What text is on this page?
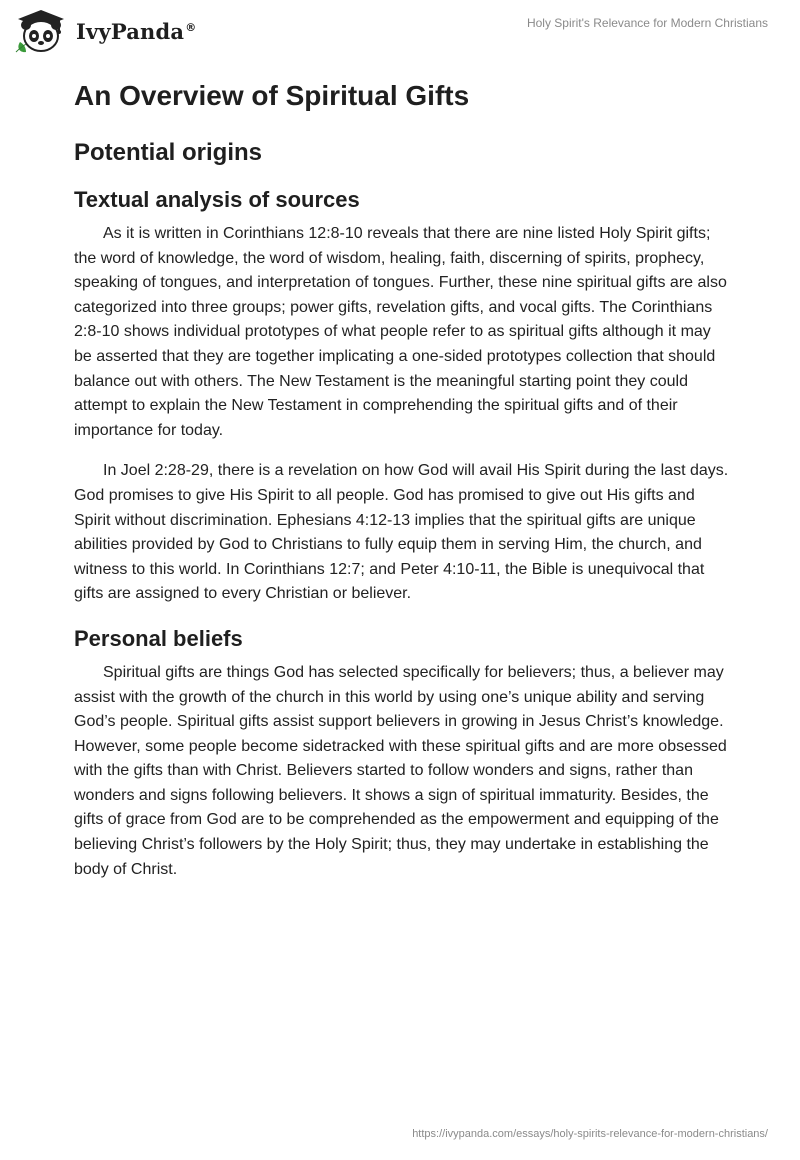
IvyPanda®	Holy Spirit's Relevance for Modern Christians
An Overview of Spiritual Gifts
Potential origins
Textual analysis of sources

As it is written in Corinthians 12:8-10 reveals that there are nine listed Holy Spirit gifts; the word of knowledge, the word of wisdom, healing, faith, discerning of spirits, prophecy, speaking of tongues, and interpretation of tongues. Further, these nine spiritual gifts are also categorized into three groups; power gifts, revelation gifts, and vocal gifts. The Corinthians 2:8-10 shows individual prototypes of what people refer to as spiritual gifts although it may be asserted that they are together implicating a one-sided prototypes collection that should balance out with others. The New Testament is the meaningful starting point they could attempt to explain the New Testament in comprehending the spiritual gifts and of their importance for today.

In Joel 2:28-29, there is a revelation on how God will avail His Spirit during the last days. God promises to give His Spirit to all people. God has promised to give out His gifts and Spirit without discrimination. Ephesians 4:12-13 implies that the spiritual gifts are unique abilities provided by God to Christians to fully equip them in serving Him, the church, and witness to this world. In Corinthians 12:7; and Peter 4:10-11, the Bible is unequivocal that gifts are assigned to every Christian or believer.

Personal beliefs

Spiritual gifts are things God has selected specifically for believers; thus, a believer may assist with the growth of the church in this world by using one’s unique ability and serving God’s people. Spiritual gifts assist support believers in growing in Jesus Christ’s knowledge. However, some people become sidetracked with these spiritual gifts and are more obsessed with the gifts than with Christ. Believers started to follow wonders and signs, rather than wonders and signs following believers. It shows a sign of spiritual immaturity. Besides, the gifts of grace from God are to be comprehended as the empowerment and equipping of the believing Christ’s followers by the Holy Spirit; thus, they may undertake in establishing the body of Christ.

https://ivypanda.com/essays/holy-spirits-relevance-for-modern-christians/
